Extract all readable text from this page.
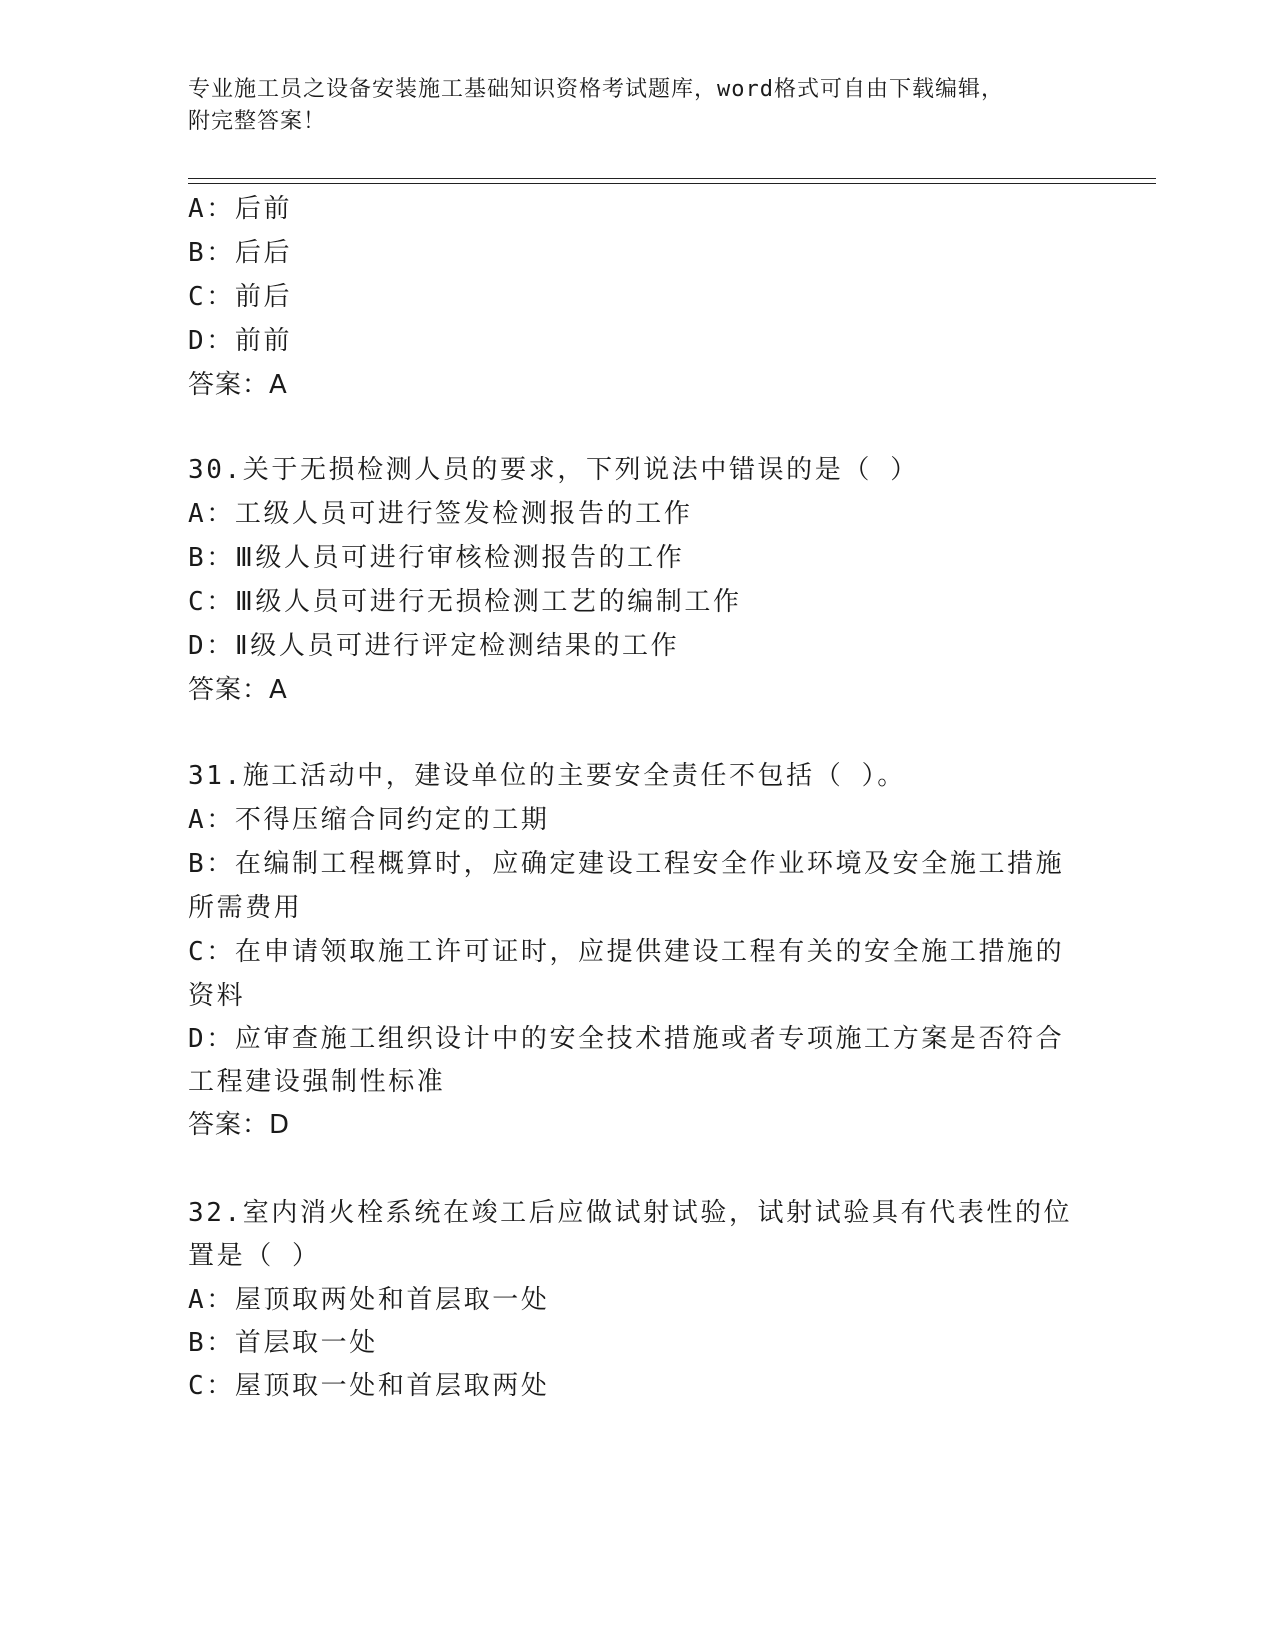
专业施工员之设备安装施工基础知识资格考试题库，word格式可自由下载编辑，
附完整答案！
A：后前
B：后后
C：前后
D：前前
答案：A
30.关于无损检测人员的要求，下列说法中错误的是（ ）
A：工级人员可进行签发检测报告的工作
B：Ⅲ级人员可进行审核检测报告的工作
C：Ⅲ级人员可进行无损检测工艺的编制工作
D：Ⅱ级人员可进行评定检测结果的工作
答案：A
31.施工活动中，建设单位的主要安全责任不包括（ ）。
A：不得压缩合同约定的工期
B：在编制工程概算时，应确定建设工程安全作业环境及安全施工措施
所需费用
C：在申请领取施工许可证时，应提供建设工程有关的安全施工措施的
资料
D：应审查施工组织设计中的安全技术措施或者专项施工方案是否符合
工程建设强制性标准
答案：D
32.室内消火栓系统在竣工后应做试射试验，试射试验具有代表性的位
置是（ ）
A：屋顶取两处和首层取一处
B：首层取一处
C：屋顶取一处和首层取两处
